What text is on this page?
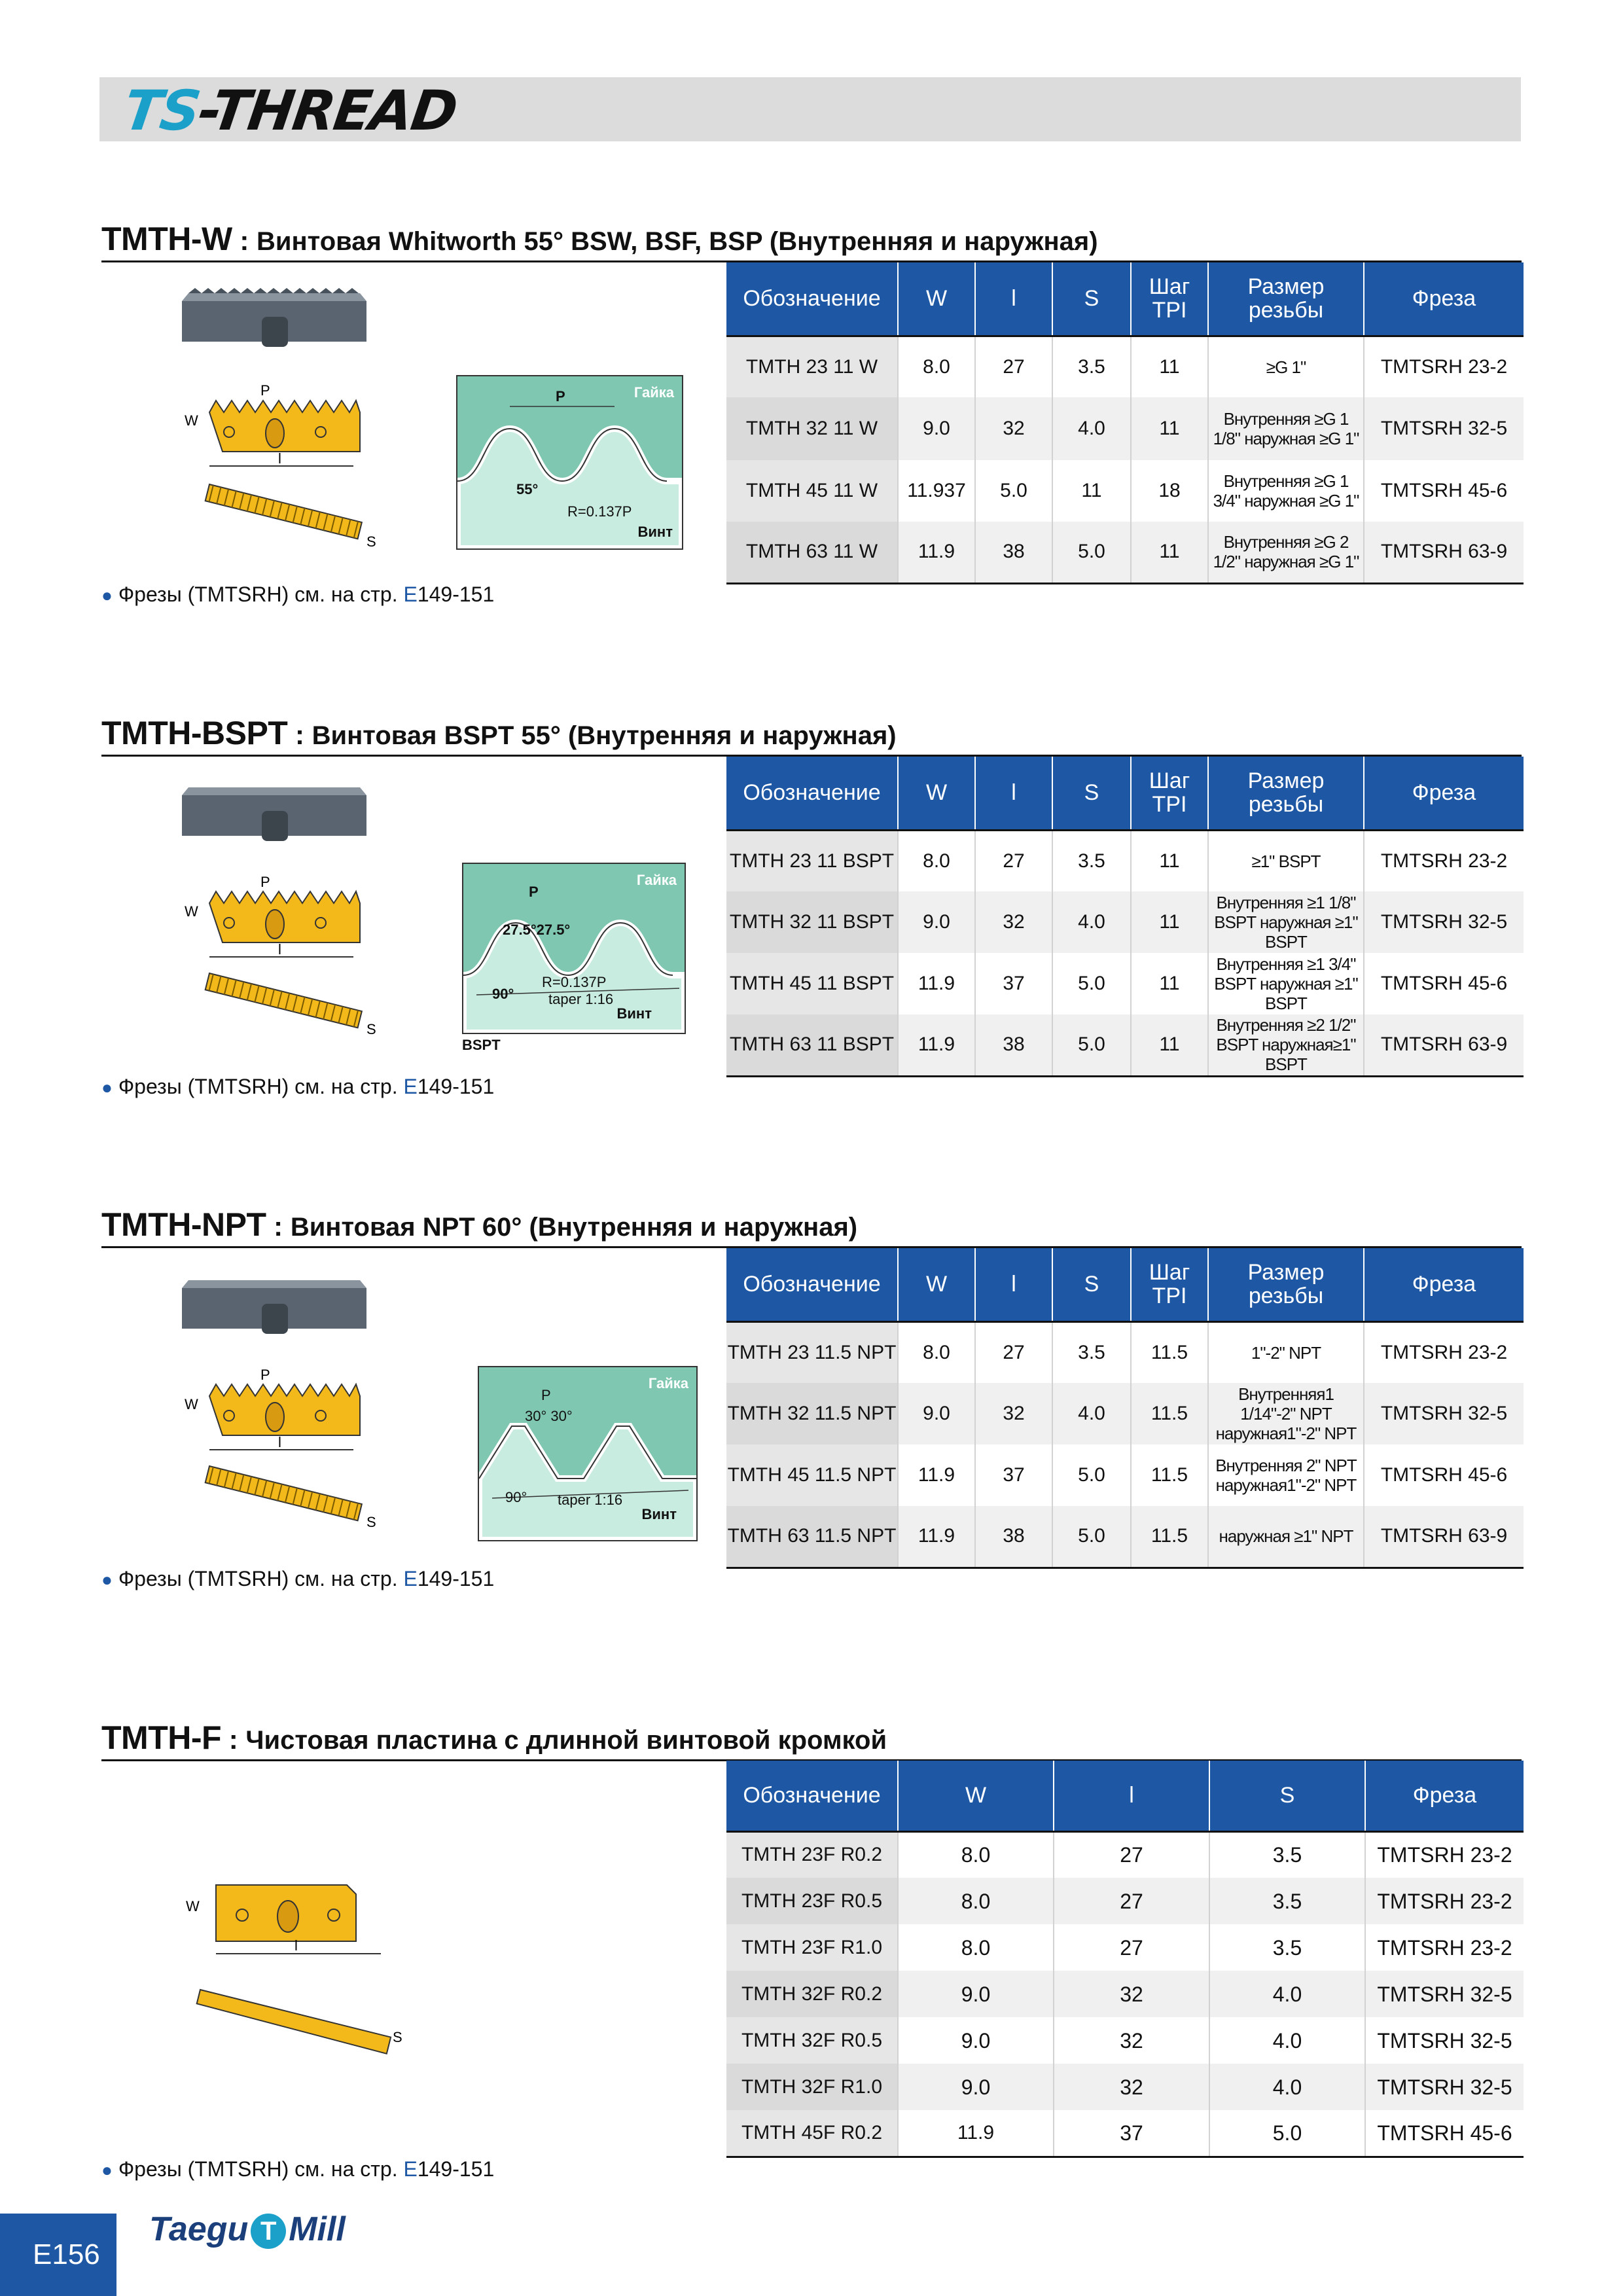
TS-THREAD
TMTH-W : Винтовая Whitworth 55° BSW, BSF, BSP (Внутренняя и наружная)
P
W
l
S
Гайка
P
55°
R=0.137P
Винт
Обозначение	W	l	S	Шаг TPI	Размер резьбы	Фреза
TMTH 23 11 W	8.0	27	3.5	11	≥G 1"	TMTSRH 23-2
TMTH 32 11 W	9.0	32	4.0	11	Внутренняя ≥G 1 1/8" наружная ≥G 1"	TMTSRH 32-5
TMTH 45 11 W	11.937	5.0	11	18	Внутренняя ≥G 1 3/4" наружная ≥G 1"	TMTSRH 45-6
TMTH 63 11 W	11.9	38	5.0	11	Внутренняя ≥G 2 1/2" наружная ≥G 1"	TMTSRH 63-9
● Фрезы (TMTSRH) см. на стр. E149-151
TMTH-BSPT : Винтовая BSPT 55° (Внутренняя и наружная)
P
W
l
S
Гайка
P
27.5°27.5°
R=0.137P
90° taper 1:16
Винт
BSPT
Обозначение	W	l	S	Шаг TPI	Размер резьбы	Фреза
TMTH 23 11 BSPT	8.0	27	3.5	11	≥1" BSPT	TMTSRH 23-2
TMTH 32 11 BSPT	9.0	32	4.0	11	Внутренняя ≥1 1/8" BSPT наружная ≥1" BSPT	TMTSRH 32-5
TMTH 45 11 BSPT	11.9	37	5.0	11	Внутренняя ≥1 3/4" BSPT наружная ≥1" BSPT	TMTSRH 45-6
TMTH 63 11 BSPT	11.9	38	5.0	11	Внутренняя ≥2 1/2" BSPT наружная≥1" BSPT	TMTSRH 63-9
● Фрезы (TMTSRH) см. на стр. E149-151
TMTH-NPT : Винтовая NPT 60° (Внутренняя и наружная)
P
W
l
S
Гайка
P
30° 30°
90° taper 1:16
Винт
Обозначение	W	l	S	Шаг TPI	Размер резьбы	Фреза
TMTH 23 11.5 NPT	8.0	27	3.5	11.5	1"-2" NPT	TMTSRH 23-2
TMTH 32 11.5 NPT	9.0	32	4.0	11.5	Внутренняя1 1/14"-2" NPT наружная1"-2" NPT	TMTSRH 32-5
TMTH 45 11.5 NPT	11.9	37	5.0	11.5	Внутренняя 2" NPT наружная1"-2" NPT	TMTSRH 45-6
TMTH 63 11.5 NPT	11.9	38	5.0	11.5	наружная ≥1" NPT	TMTSRH 63-9
● Фрезы (TMTSRH) см. на стр. E149-151
TMTH-F : Чистовая пластина с длинной винтовой кромкой
W
l
S
Обозначение	W	l	S	Фреза
TMTH 23F R0.2	8.0	27	3.5	TMTSRH 23-2
TMTH 23F R0.5	8.0	27	3.5	TMTSRH 23-2
TMTH 23F R1.0	8.0	27	3.5	TMTSRH 23-2
TMTH 32F R0.2	9.0	32	4.0	TMTSRH 32-5
TMTH 32F R0.5	9.0	32	4.0	TMTSRH 32-5
TMTH 32F R1.0	9.0	32	4.0	TMTSRH 32-5
TMTH 45F R0.2	11.9	37	5.0	TMTSRH 45-6
● Фрезы (TMTSRH) см. на стр. E149-151
E156
Taegu T Mill
